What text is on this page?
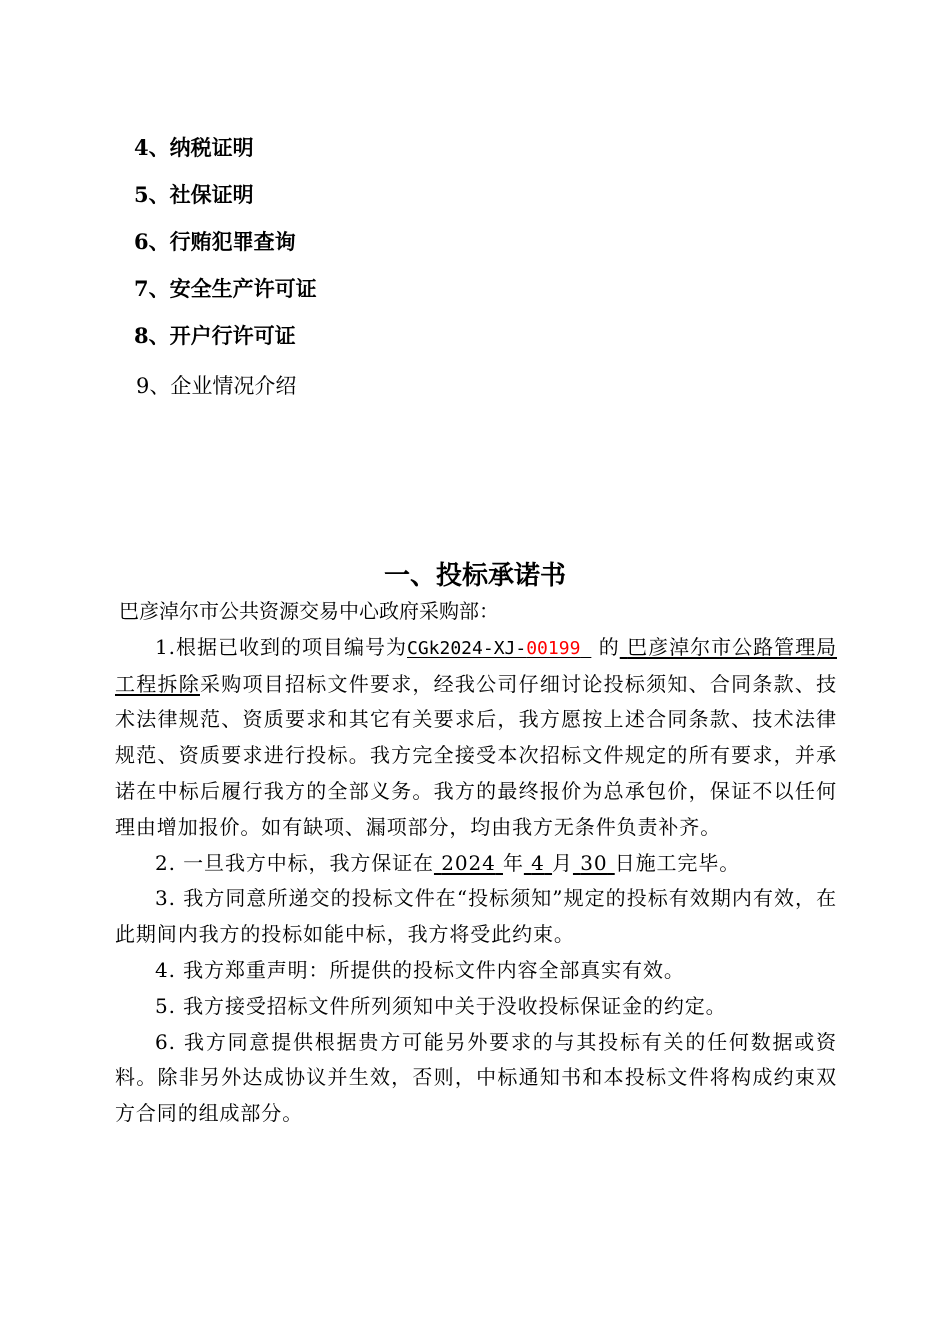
4、纳税证明
5、社保证明
6、行贿犯罪查询
7、安全生产许可证
8、开户行许可证
9、企业情况介绍
一、投标承诺书
巴彦淖尔市公共资源交易中心政府采购部：
1.根据已收到的项目编号为CGk2024-XJ-00199 的 巴彦淖尔市公路管理局工程拆除采购项目招标文件要求，经我公司仔细讨论投标须知、合同条款、技术法律规范、资质要求和其它有关要求后，我方愿按上述合同条款、技术法律规范、资质要求进行投标。我方完全接受本次招标文件规定的所有要求，并承诺在中标后履行我方的全部义务。我方的最终报价为总承包价，保证不以任何理由增加报价。如有缺项、漏项部分，均由我方无条件负责补齐。
2. 一旦我方中标，我方保证在 2024 年 4 月 30 日施工完毕。
3. 我方同意所递交的投标文件在“投标须知”规定的投标有效期内有效，在此期间内我方的投标如能中标，我方将受此约束。
4. 我方郑重声明：所提供的投标文件内容全部真实有效。
5. 我方接受招标文件所列须知中关于没收投标保证金的约定。
6. 我方同意提供根据贵方可能另外要求的与其投标有关的任何数据或资料。除非另外达成协议并生效，否则，中标通知书和本投标文件将构成约束双方合同的组成部分。
